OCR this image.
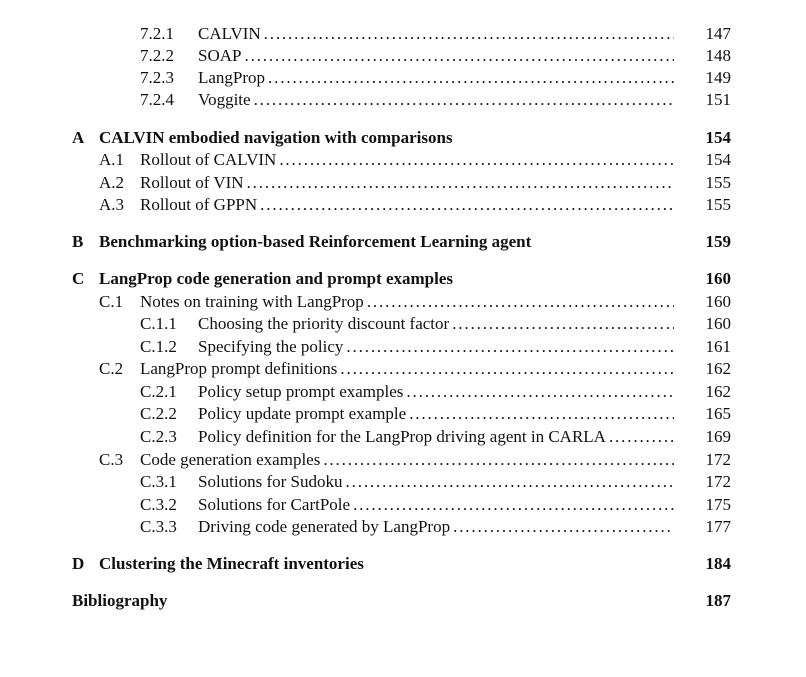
7.2.1	CALVIN . . .	147
7.2.2	SOAP . . .	148
7.2.3	LangProp . . .	149
7.2.4	Voggite . . .	151
A CALVIN embodied navigation with comparisons	154
A.1 Rollout of CALVIN . . .	154
A.2 Rollout of VIN . . .	155
A.3 Rollout of GPPN . . .	155
B Benchmarking option-based Reinforcement Learning agent	159
C LangProp code generation and prompt examples	160
C.1 Notes on training with LangProp . . .	160
C.1.1	Choosing the priority discount factor . . .	160
C.1.2	Specifying the policy . . .	161
C.2 LangProp prompt definitions . . .	162
C.2.1	Policy setup prompt examples . . .	162
C.2.2	Policy update prompt example . . .	165
C.2.3	Policy definition for the LangProp driving agent in CARLA . . .	169
C.3 Code generation examples . . .	172
C.3.1	Solutions for Sudoku . . .	172
C.3.2	Solutions for CartPole . . .	175
C.3.3	Driving code generated by LangProp . . .	177
D Clustering the Minecraft inventories	184
Bibliography	187
